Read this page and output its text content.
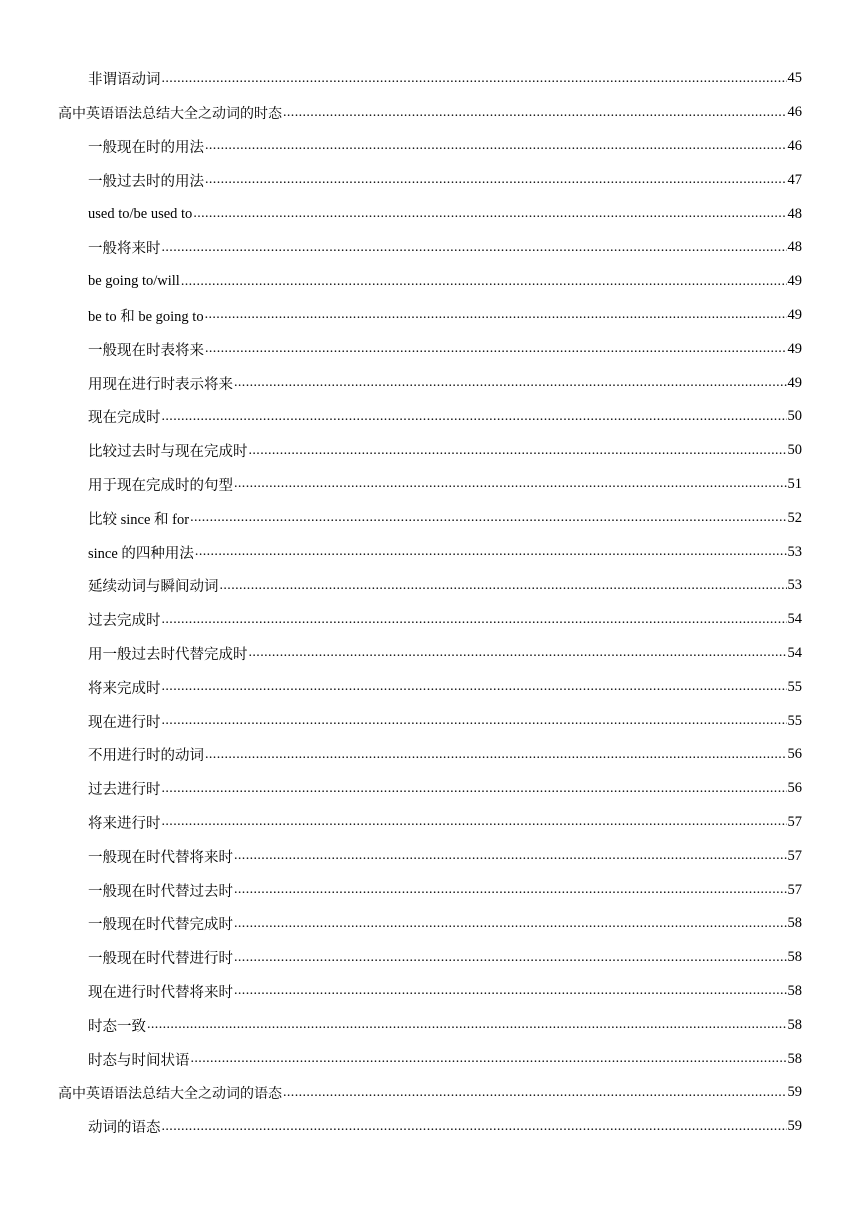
非谓语动词 .....	45
高中英语语法总结大全之动词的时态 .....	46
一般现在时的用法 .....	46
一般过去时的用法 .....	47
used to/be used to .....	48
一般将来时 .....	48
be going to/will .....	49
be to 和 be going to .....	49
一般现在时表将来 .....	49
用现在进行时表示将来 .....	49
现在完成时 .....	50
比较过去时与现在完成时 .....	50
用于现在完成时的句型 .....	51
比较 since 和 for .....	52
since 的四种用法 .....	53
延续动词与瞬间动词 .....	53
过去完成时 .....	54
用一般过去时代替完成时 .....	54
将来完成时 .....	55
现在进行时 .....	55
不用进行时的动词 .....	56
过去进行时 .....	56
将来进行时 .....	57
一般现在时代替将来时 .....	57
一般现在时代替过去时 .....	57
一般现在时代替完成时 .....	58
一般现在时代替进行时 .....	58
现在进行时代替将来时 .....	58
时态一致 .....	58
时态与时间状语 .....	58
高中英语语法总结大全之动词的语态 .....	59
动词的语态 .....	59
